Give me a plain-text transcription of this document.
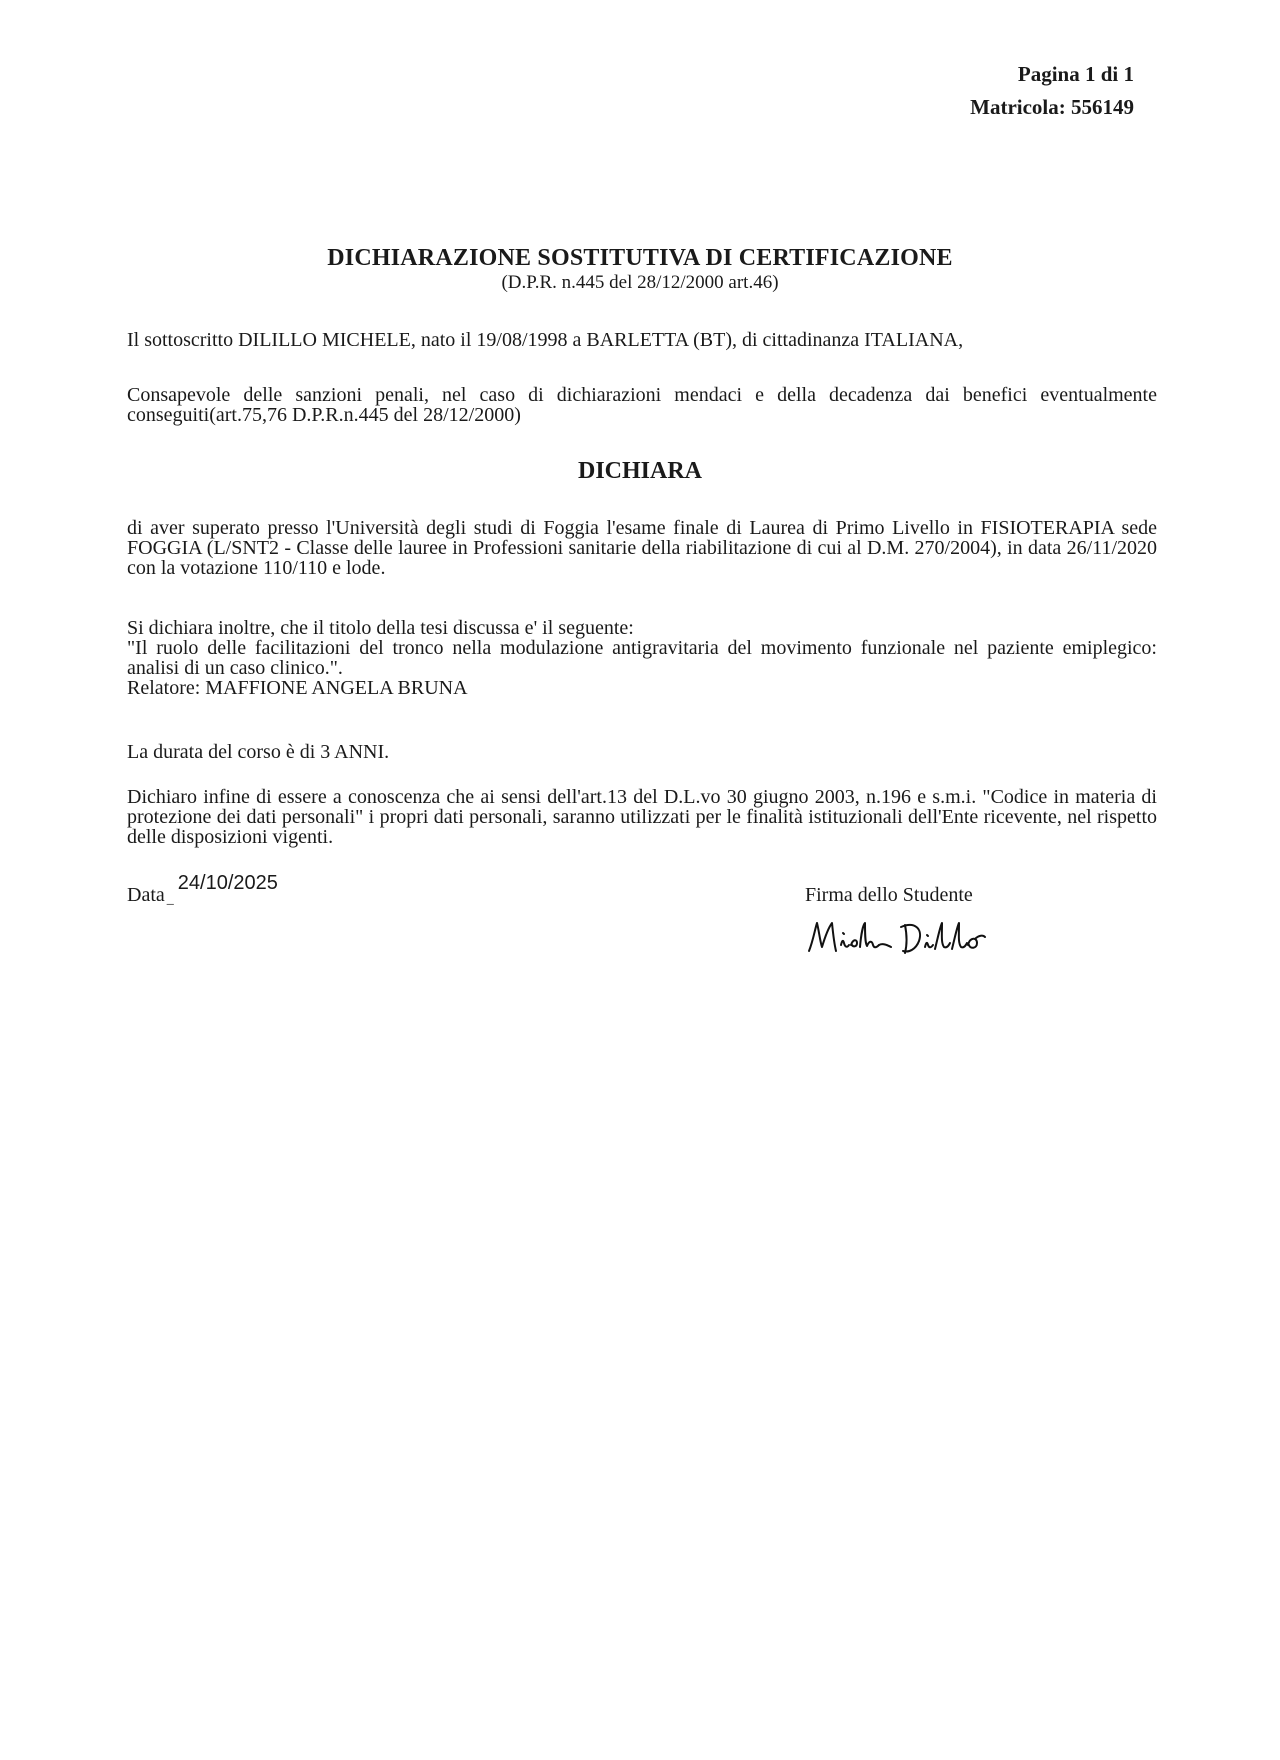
Pagina 1 di 1
Matricola: 556149
DICHIARAZIONE SOSTITUTIVA DI CERTIFICAZIONE
(D.P.R. n.445 del 28/12/2000 art.46)
Il sottoscritto DILILLO MICHELE, nato il 19/08/1998 a BARLETTA (BT), di cittadinanza ITALIANA,
Consapevole delle sanzioni penali, nel caso di dichiarazioni mendaci e della decadenza dai benefici eventualmente conseguiti(art.75,76 D.P.R.n.445 del 28/12/2000)
DICHIARA
di aver superato presso l'Università degli studi di Foggia l'esame finale di Laurea di Primo Livello in FISIOTERAPIA sede FOGGIA (L/SNT2 - Classe delle lauree in Professioni sanitarie della riabilitazione di cui al D.M. 270/2004), in data 26/11/2020 con la votazione 110/110 e lode.
Si dichiara inoltre, che il titolo della tesi discussa e' il seguente:
"Il ruolo delle facilitazioni del tronco nella modulazione antigravitaria del movimento funzionale nel paziente emiplegico: analisi di un caso clinico.".
Relatore: MAFFIONE ANGELA BRUNA
La durata del corso è di 3 ANNI.
Dichiaro infine di essere a conoscenza che ai sensi dell'art.13 del D.L.vo 30 giugno 2003, n.196 e s.m.i. "Codice in materia di protezione dei dati personali" i propri dati personali, saranno utilizzati per le finalità istituzionali dell'Ente ricevente, nel rispetto delle disposizioni vigenti.
Data $_{\_}$24/10/2025
Firma dello Studente
